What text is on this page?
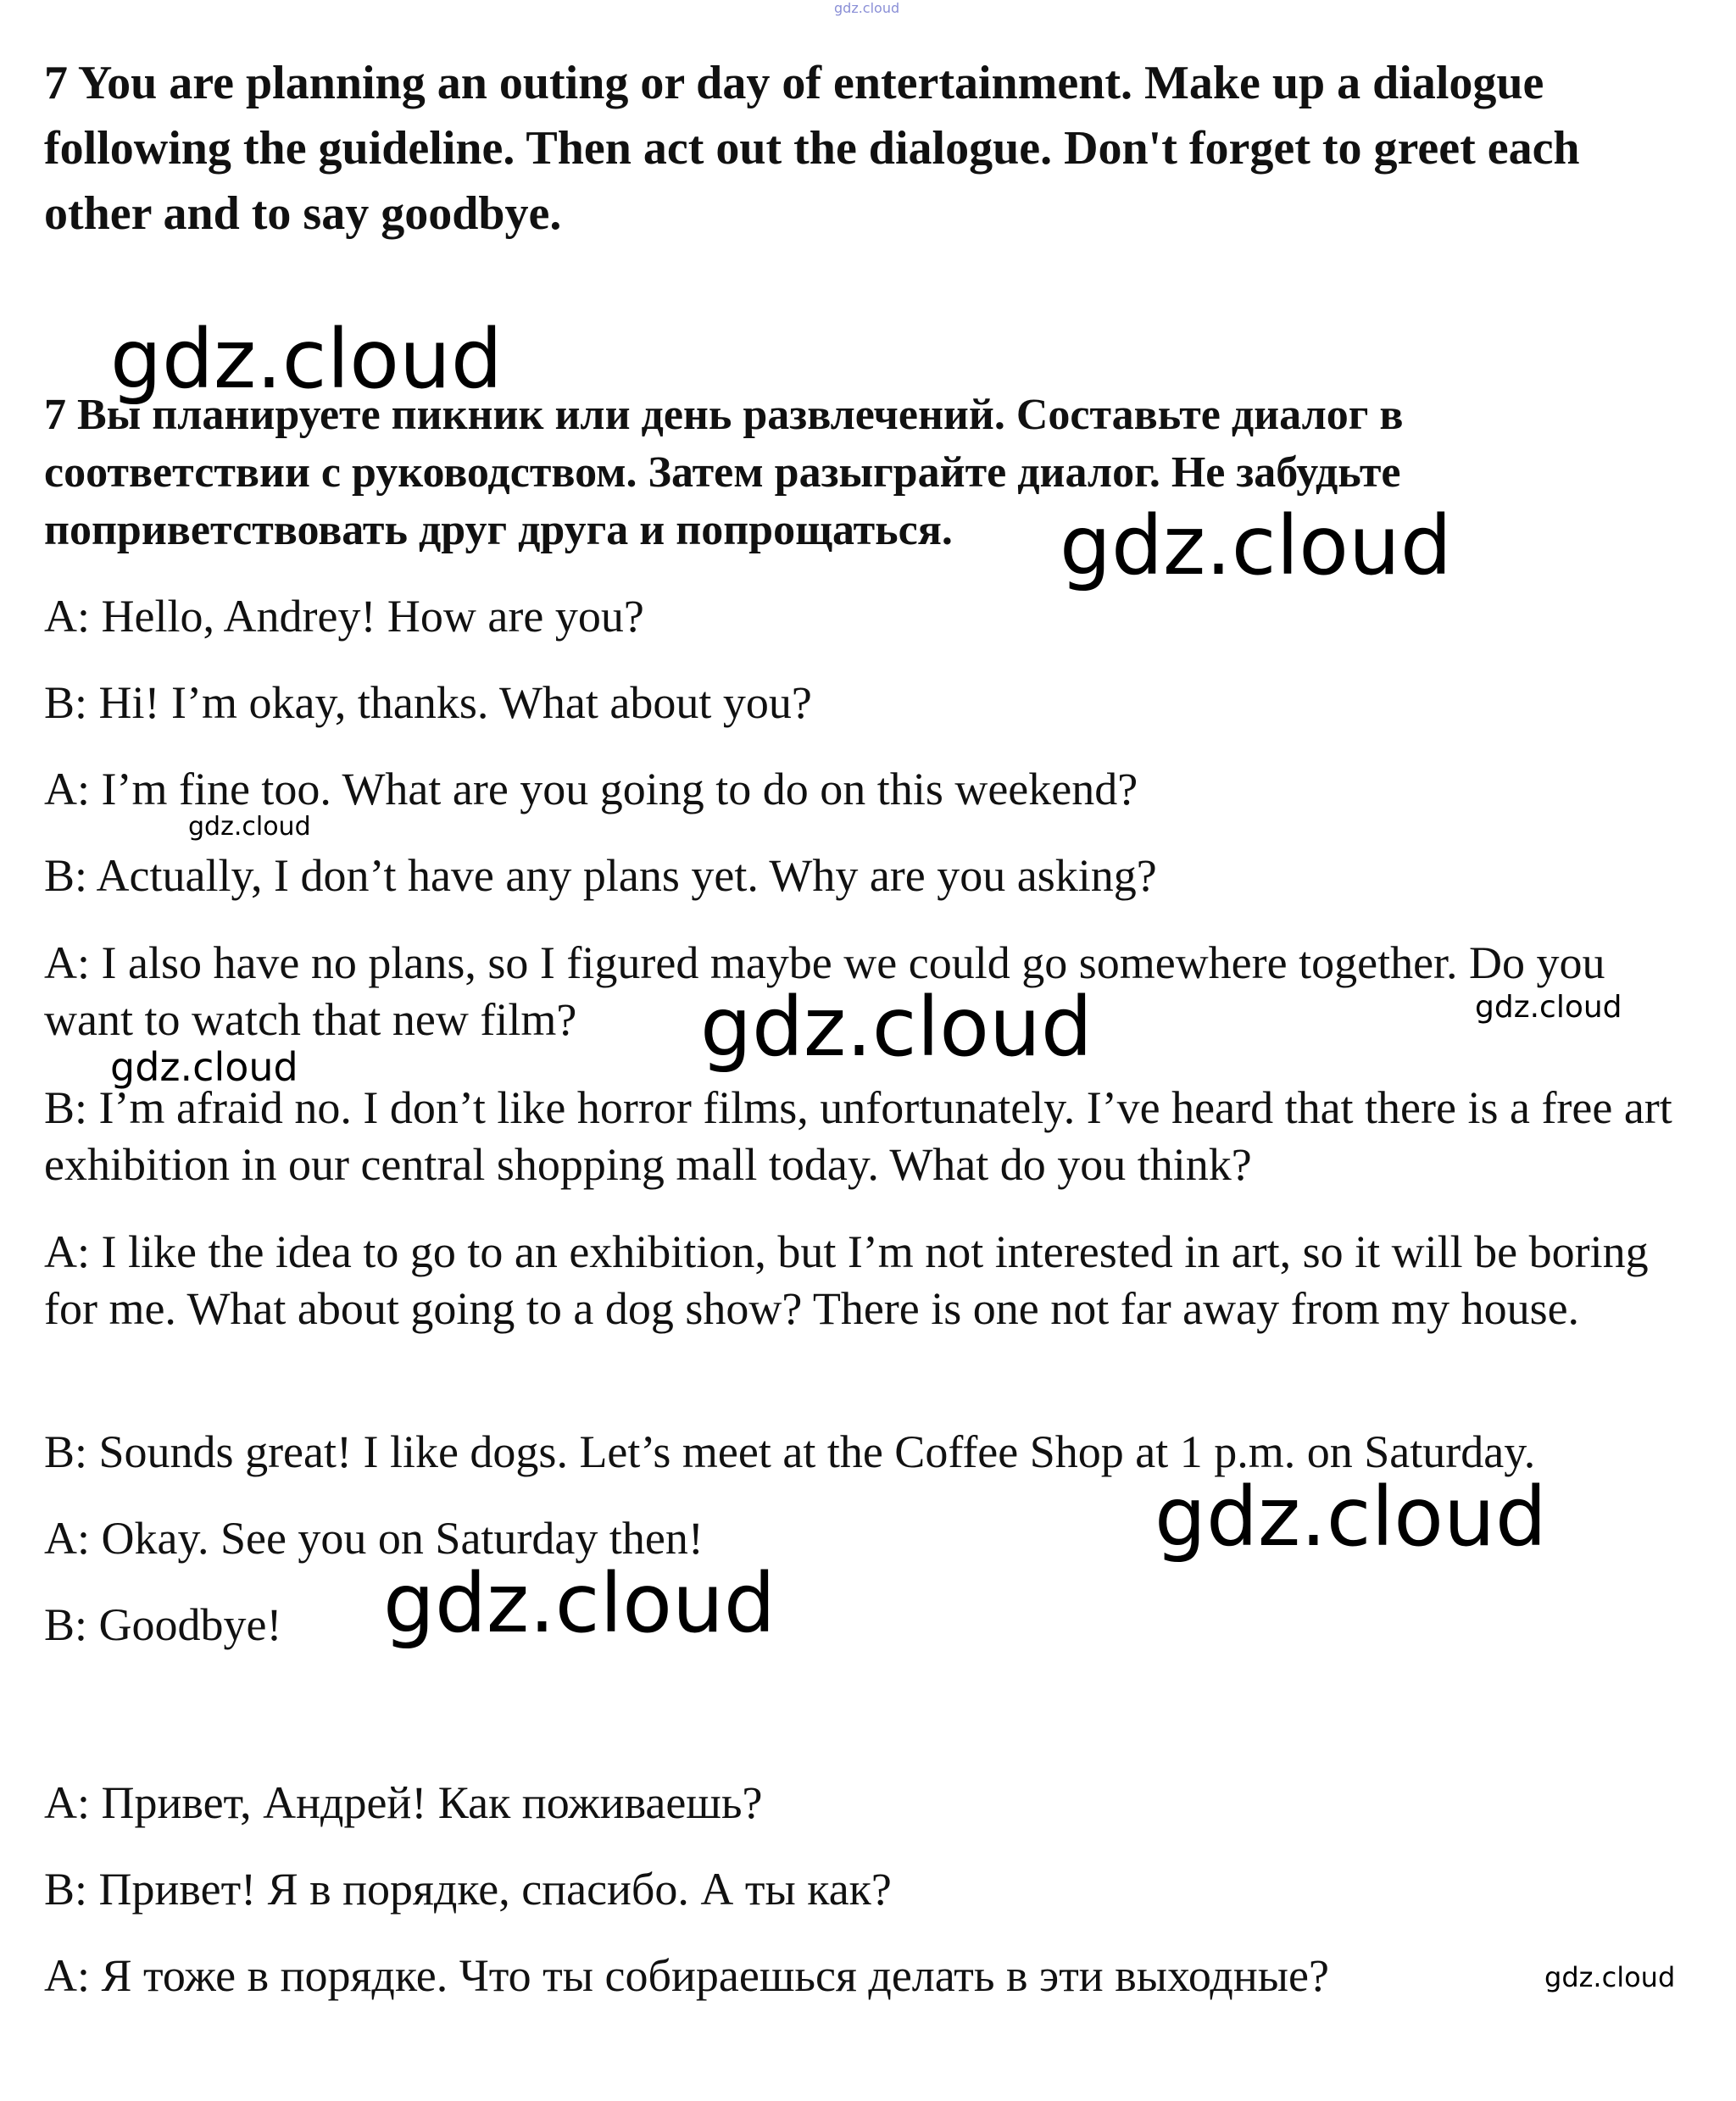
gdz.cloud

7 You are planning an outing or day of entertainment. Make up a dialogue following the guideline. Then act out the dialogue. Don't forget to greet each other and to say goodbye.

gdz.cloud

7 Вы планируете пикник или день развлечений. Составьте диалог в соответствии с руководством. Затем разыграйте диалог. Не забудьте поприветствовать друг друга и попрощаться.	gdz.cloud

A: Hello, Andrey! How are you?

B: Hi! I’m okay, thanks. What about you?

A: I’m fine too. What are you going to do on this weekend?

gdz.cloud

B: Actually, I don’t have any plans yet. Why are you asking?

A: I also have no plans, so I figured maybe we could go somewhere together. Do you want to watch that new film?	gdz.cloud	gdz.cloud
gdz.cloud

B: I’m afraid no. I don’t like horror films, unfortunately. I’ve heard that there is a free art exhibition in our central shopping mall today. What do you think?

A: I like the idea to go to an exhibition, but I’m not interested in art, so it will be boring for me. What about going to a dog show? There is one not far away from my house.

B: Sounds great! I like dogs. Let’s meet at the Coffee Shop at 1 p.m. on Saturday.

A: Okay. See you on Saturday then!	gdz.cloud

B: Goodbye!	gdz.cloud

А: Привет, Андрей! Как поживаешь?

В: Привет! Я в порядке, спасибо. А ты как?

А: Я тоже в порядке. Что ты собираешься делать в эти выходные?	gdz.cloud
